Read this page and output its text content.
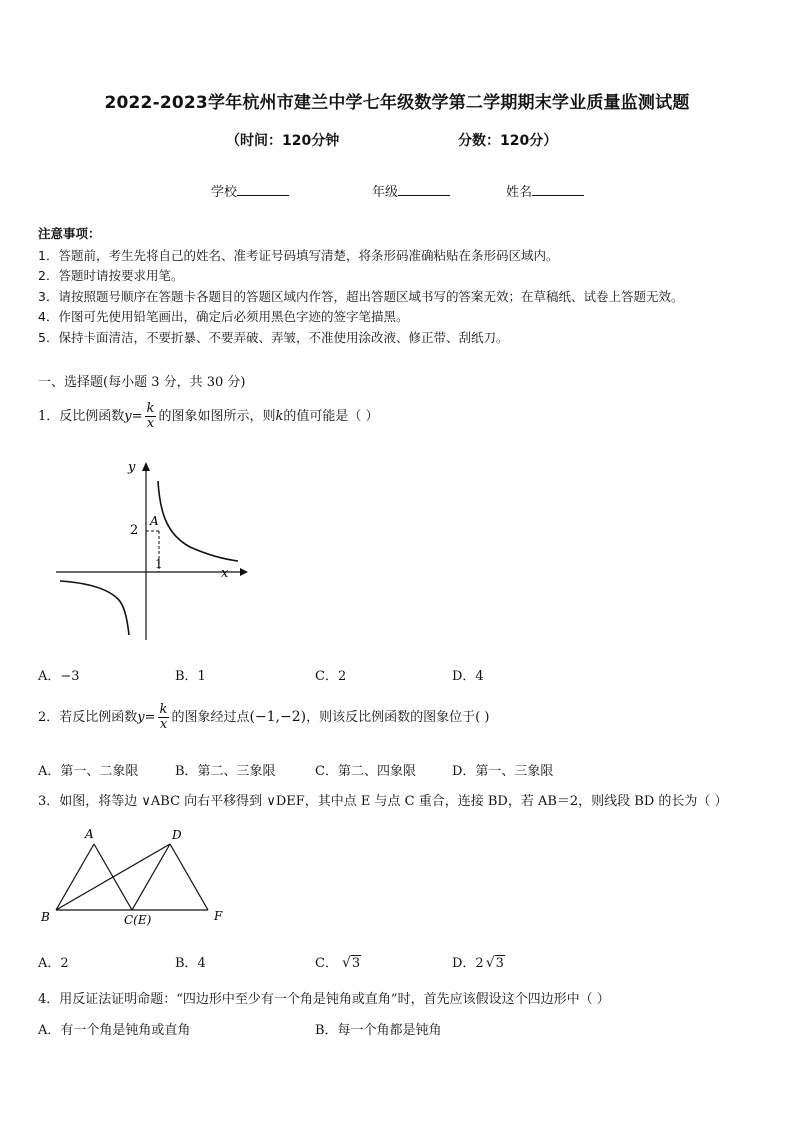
2022-2023学年杭州市建兰中学七年级数学第二学期期末学业质量监测试题
（时间：120分钟	分数：120分）
学校	年级	姓名
注意事项：
1．答题前，考生先将自己的姓名、准考证号码填写清楚，将条形码准确粘贴在条形码区域内。
2．答题时请按要求用笔。
3．请按照题号顺序在答题卡各题目的答题区域内作答，超出答题区域书写的答案无效；在草稿纸、试卷上答题无效。
4．作图可先使用铅笔画出，确定后必须用黑色字迹的签字笔描黑。
5．保持卡面清洁，不要折暴、不要弄破、弄皱，不准使用涂改液、修正带、刮纸刀。
一、选择题(每小题 3 分，共 30 分)
1．反比例函数$y= \frac{k}{x}$ 的图象如图所示，则k的值可能是（ ）
y
x
A
2
1
A．−3	B．1	C．2	D．4
2．若反比例函数$y= \frac{k}{x}$ 的图象经过点(−1,−2)，则该反比例函数的图象位于( )
A．第一、二象限	B．第二、三象限	C．第二、四象限	D．第一、三象限
3．如图，将等边 ∨ABC 向右平移得到 ∨DEF，其中点 E 与点 C 重合，连接 BD，若 AB＝2，则线段 BD 的长为（ ）
A
B	C(E)
D
F
A．2	B．4	C． √3	D．2 √3
4．用反证法证明命题：“四边形中至少有一个角是钝角或直角”时，首先应该假设这个四边形中（ ）
A．有一个角是钝角或直角	B．每一个角都是钝角
